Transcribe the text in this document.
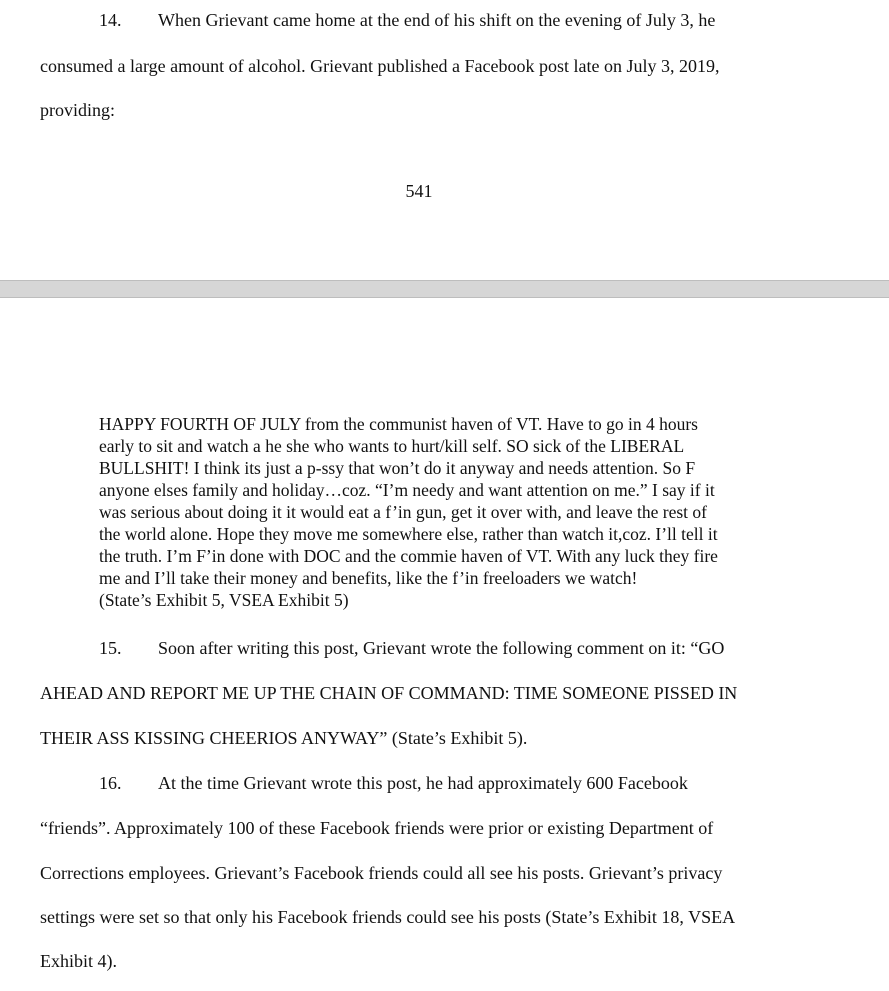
14. When Grievant came home at the end of his shift on the evening of July 3, he
consumed a large amount of alcohol. Grievant published a Facebook post late on July 3, 2019,
providing:
541
HAPPY FOURTH OF JULY from the communist haven of VT. Have to go in 4 hours
early to sit and watch a he she who wants to hurt/kill self. SO sick of the LIBERAL
BULLSHIT! I think its just a p-ssy that won’t do it anyway and needs attention. So F
anyone elses family and holiday…coz. “I’m needy and want attention on me.” I say if it
was serious about doing it it would eat a f’in gun, get it over with, and leave the rest of
the world alone. Hope they move me somewhere else, rather than watch it,coz. I’ll tell it
the truth. I’m F’in done with DOC and the commie haven of VT. With any luck they fire
me and I’ll take their money and benefits, like the f’in freeloaders we watch!
(State’s Exhibit 5, VSEA Exhibit 5)
15. Soon after writing this post, Grievant wrote the following comment on it: “GO
AHEAD AND REPORT ME UP THE CHAIN OF COMMAND: TIME SOMEONE PISSED IN
THEIR ASS KISSING CHEERIOS ANYWAY” (State’s Exhibit 5).
16. At the time Grievant wrote this post, he had approximately 600 Facebook
“friends”. Approximately 100 of these Facebook friends were prior or existing Department of
Corrections employees. Grievant’s Facebook friends could all see his posts. Grievant’s privacy
settings were set so that only his Facebook friends could see his posts (State’s Exhibit 18, VSEA
Exhibit 4).
